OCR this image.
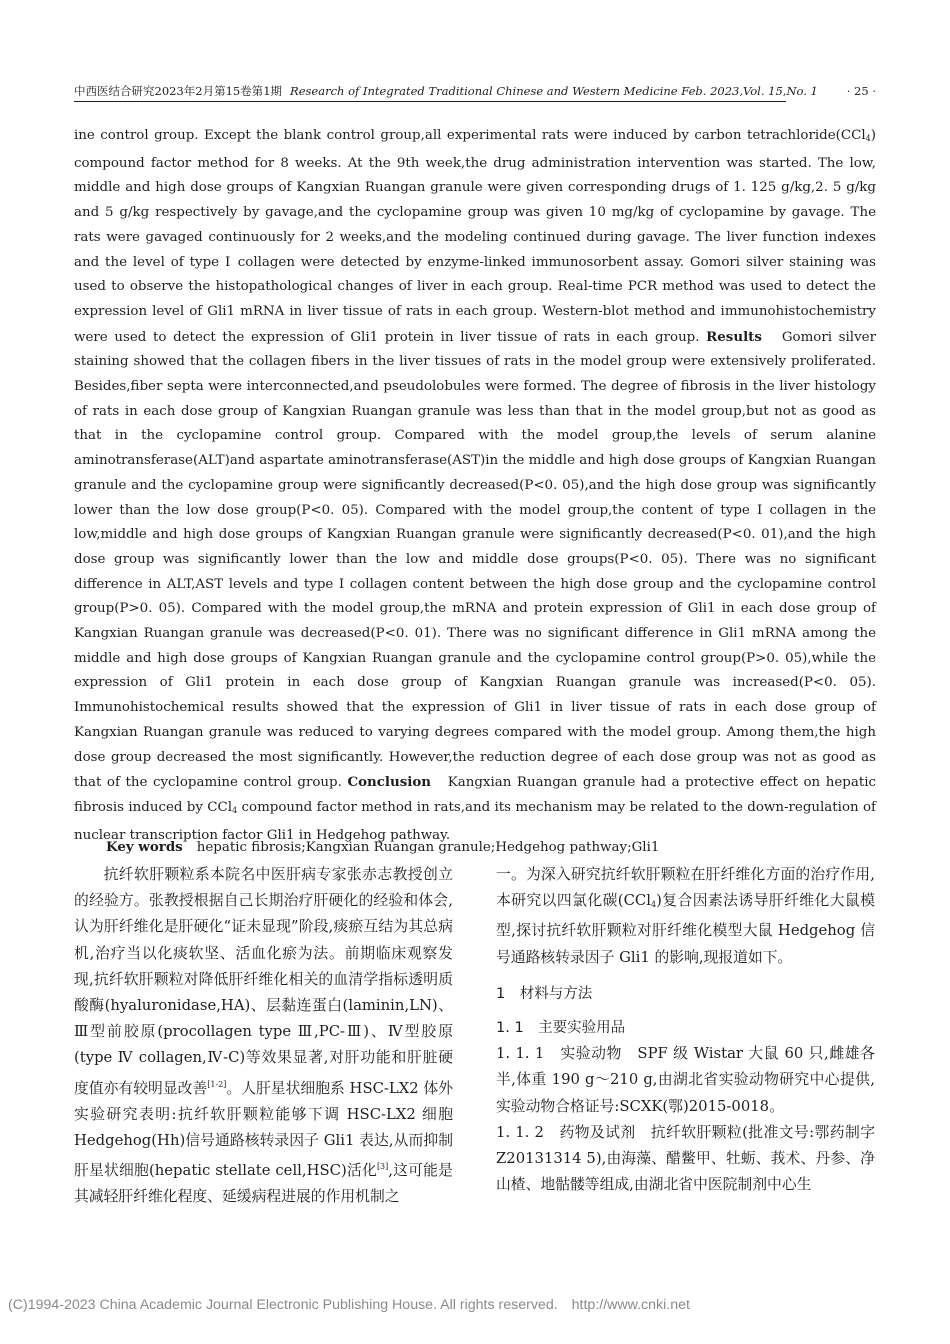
中西医结合研究2023年2月第15卷第1期 Research of Integrated Traditional Chinese and Western Medicine Feb. 2023,Vol. 15,No. 1	· 25 ·

ine control group. Except the blank control group,all experimental rats were induced by carbon tetrachloride(CCl$_4$) compound factor method for 8 weeks. At the 9th week,the drug administration intervention was started. The low, middle and high dose groups of Kangxian Ruangan granule were given corresponding drugs of 1. 125 g/kg,2. 5 g/kg and 5 g/kg respectively by gavage,and the cyclopamine group was given 10 mg/kg of cyclopamine by gavage. The rats were gavaged continuously for 2 weeks,and the modeling continued during gavage. The liver function indexes and the level of type Ⅰ collagen were detected by enzyme-linked immunosorbent assay. Gomori silver staining was used to observe the histopathological changes of liver in each group. Real-time PCR method was used to detect the expression level of Gli1 mRNA in liver tissue of rats in each group. Western-blot method and immunohistochemistry were used to detect the expression of Gli1 protein in liver tissue of rats in each group. Results Gomori silver staining showed that the collagen fibers in the liver tissues of rats in the model group were extensively proliferated. Besides,fiber septa were interconnected,and pseudolobules were formed. The degree of fibrosis in the liver histology of rats in each dose group of Kangxian Ruangan granule was less than that in the model group,but not as good as that in the cyclopamine control group. Compared with the model group,the levels of serum alanine aminotransferase(ALT)and aspartate aminotransferase(AST)in the middle and high dose groups of Kangxian Ruangan granule and the cyclopamine group were significantly decreased(P<0. 05),and the high dose group was significantly lower than the low dose group(P<0. 05). Compared with the model group,the content of type I collagen in the low,middle and high dose groups of Kangxian Ruangan granule were significantly decreased(P<0. 01),and the high dose group was significantly lower than the low and middle dose groups(P<0. 05). There was no significant difference in ALT,AST levels and type I collagen content between the high dose group and the cyclopamine control group(P>0. 05). Compared with the model group,the mRNA and protein expression of Gli1 in each dose group of Kangxian Ruangan granule was decreased(P<0. 01). There was no significant difference in Gli1 mRNA among the middle and high dose groups of Kangxian Ruangan granule and the cyclopamine control group(P>0. 05),while the expression of Gli1 protein in each dose group of Kangxian Ruangan granule was increased(P<0. 05). Immunohistochemical results showed that the expression of Gli1 in liver tissue of rats in each dose group of Kangxian Ruangan granule was reduced to varying degrees compared with the model group. Among them,the high dose group decreased the most significantly. However,the reduction degree of each dose group was not as good as that of the cyclopamine control group. Conclusion Kangxian Ruangan granule had a protective effect on hepatic fibrosis induced by CCl$_4$ compound factor method in rats,and its mechanism may be related to the down-regulation of nuclear transcription factor Gli1 in Hedgehog pathway.

Key words hepatic fibrosis;Kangxian Ruangan granule;Hedgehog pathway;Gli1

抗纤软肝颗粒系本院名中医肝病专家张赤志教授创立的经验方。张教授根据自己长期治疗肝硬化的经验和体会,认为肝纤维化是肝硬化“证未显现”阶段,痰瘀互结为其总病机,治疗当以化痰软坚、活血化瘀为法。前期临床观察发现,抗纤软肝颗粒对降低肝纤维化相关的血清学指标透明质酸酶(hyaluronidase,HA)、层黏连蛋白(laminin,LN)、Ⅲ型前胶原(procollagen type Ⅲ,PC-Ⅲ)、Ⅳ型胶原(type Ⅳ collagen,Ⅳ-C)等效果显著,对肝功能和肝脏硬度值亦有较明显改善[1-2]。人肝星状细胞系 HSC-LX2 体外实验研究表明:抗纤软肝颗粒能够下调 HSC-LX2 细胞 Hedgehog(Hh)信号通路核转录因子 Gli1 表达,从而抑制肝星状细胞(hepatic stellate cell,HSC)活化[3],这可能是其减轻肝纤维化程度、延缓病程进展的作用机制之

一。为深入研究抗纤软肝颗粒在肝纤维化方面的治疗作用,本研究以四氯化碳(CCl$_4$)复合因素法诱导肝纤维化大鼠模型,探讨抗纤软肝颗粒对肝纤维化模型大鼠 Hedgehog 信号通路核转录因子 Gli1 的影响,现报道如下。

1　材料与方法

1. 1　主要实验用品

1. 1. 1　实验动物　SPF 级 Wistar 大鼠 60 只,雌雄各半,体重 190 g～210 g,由湖北省实验动物研究中心提供,实验动物合格证号:SCXK(鄂)2015-0018。

1. 1. 2　药物及试剂　抗纤软肝颗粒(批准文号:鄂药制字 Z20131314 5),由海藻、醋鳖甲、牡蛎、莪术、丹参、净山楂、地骷髅等组成,由湖北省中医院制剂中心生

(C)1994-2023 China Academic Journal Electronic Publishing House. All rights reserved. http://www.cnki.net
